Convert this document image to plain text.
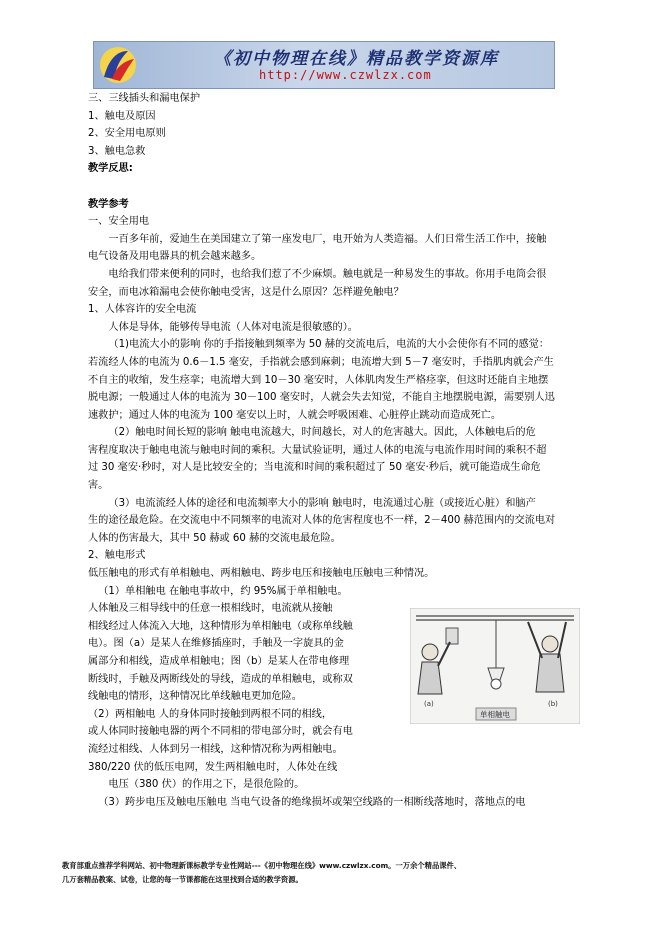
《初中物理在线》精品教学资源库
http://www.czwlzx.com

三、三线插头和漏电保护

1、触电及原因

2、安全用电原则

3、触电急救

教学反思:

教学参考

一、安全用电

一百多年前，爱迪生在美国建立了第一座发电厂，电开始为人类造福。人们日常生活工作中，接触

电气设备及用电器具的机会越来越多。

电给我们带来便利的同时，也给我们惹了不少麻烦。触电就是一种易发生的事故。你用手电筒会很

安全，而电冰箱漏电会使你触电受害，这是什么原因？怎样避免触电？

1、人体容许的安全电流

人体是导体，能够传导电流（人体对电流是很敏感的）。

（1)电流大小的影响 你的手指接触到频率为 50 赫的交流电后，电流的大小会使你有不同的感觉：

若流经人体的电流为 0.6－1.5 毫安，手指就会感到麻刺；电流增大到 5－7 毫安时，手指肌肉就会产生

不自主的收缩，发生痉挛；电流增大到 10－30 毫安时，人体肌肉发生严格痉挛，但这时还能自主地摆

脱电源；一般通过人体的电流为 30－100 毫安时，人就会失去知觉，不能自主地摆脱电源，需要别人迅

速救护；通过人体的电流为 100 毫安以上时，人就会呼吸困难、心脏停止跳动而造成死亡。

（2）触电时间长短的影响 触电电流越大，时间越长，对人的危害越大。因此，人体触电后的危

害程度取决于触电电流与触电时间的乘积。大量试验证明，通过人体的电流与电流作用时间的乘积不超

过 30 毫安·秒时，对人是比较安全的；当电流和时间的乘积超过了 50 毫安·秒后，就可能造成生命危

害。

（3）电流流经人体的途径和电流频率大小的影响 触电时，电流通过心脏（或接近心脏）和脑产

生的途径最危险。在交流电中不同频率的电流对人体的危害程度也不一样，2－400 赫范围内的交流电对

人体的伤害最大，其中 50 赫或 60 赫的交流电最危险。

2、触电形式

低压触电的形式有单相触电、两相触电、跨步电压和接触电压触电三种情况。

（1）单相触电 在触电事故中，约 95%属于单相触电。

人体触及三相导线中的任意一根相线时，电流就从接触

相线经过人体流入大地，这种情形为单相触电（或称单线触

电）。图（a）是某人在维修插座时，手触及一字旋具的金

属部分和相线，造成单相触电；图（b）是某人在带电修理

断线时，手触及两断线处的导线，造成的单相触电，或称双

线触电的情形，这种情况比单线触电更加危险。

（2）两相触电 人的身体同时接触到两根不同的相线，

或人体同时接触电器的两个不同相的带电部分时，就会有电

流经过相线、人体到另一相线，这种情况称为两相触电。

380/220 伏的低压电网，发生两相触电时，人体处在线

电压（380 伏）的作用之下，是很危险的。

(a)	(b)
单相触电

（3）跨步电压及触电压触电 当电气设备的绝缘损坏或架空线路的一相断线落地时，落地点的电

教育部重点推荐学科网站、初中物理新课标教学专业性网站---《初中物理在线》www.czwlzx.com。一万余个精品课件、

几万套精品教案、试卷，让您的每一节课都能在这里找到合适的教学资源。
